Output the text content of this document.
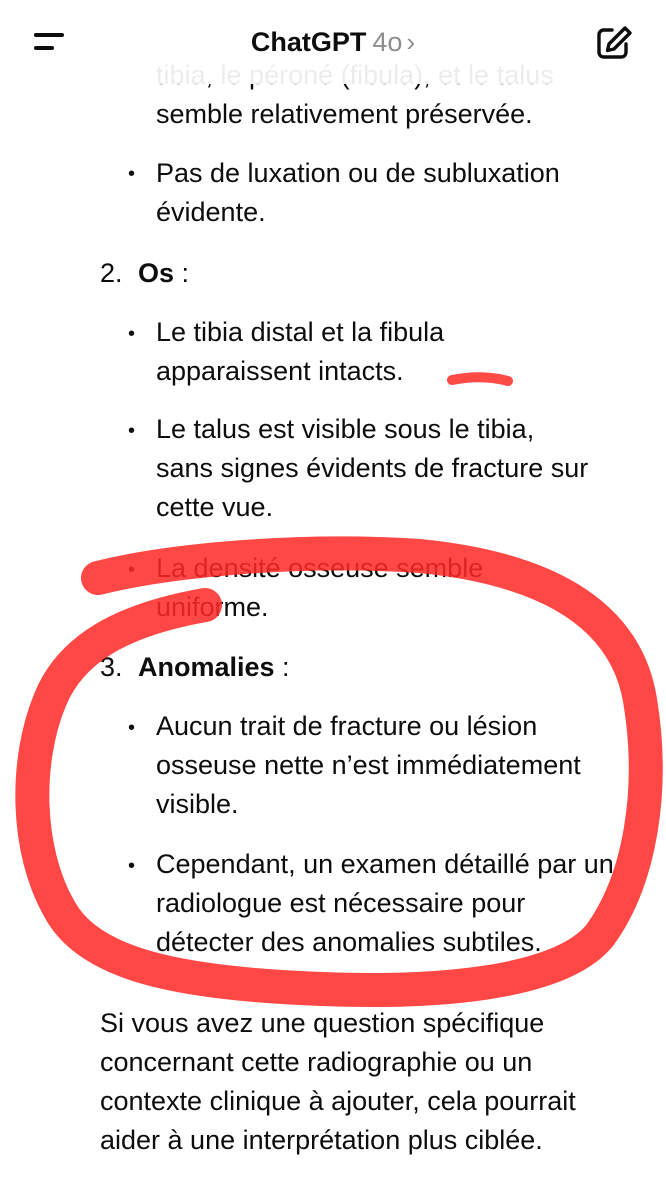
semble relativement préservée.
• Pas de luxation ou de subluxation évidente.
2. Os :
• Le tibia distal et la fibula apparaissent intacts.
• Le talus est visible sous le tibia, sans signes évidents de fracture sur cette vue.
• La densité osseuse semble uniforme.
3. Anomalies :
• Aucun trait de fracture ou lésion osseuse nette n’est immédiatement visible.
• Cependant, un examen détaillé par un radiologue est nécessaire pour détecter des anomalies subtiles.
Si vous avez une question spécifique concernant cette radiographie ou un contexte clinique à ajouter, cela pourrait aider à une interprétation plus ciblée.
ChatGPT 4o ›
